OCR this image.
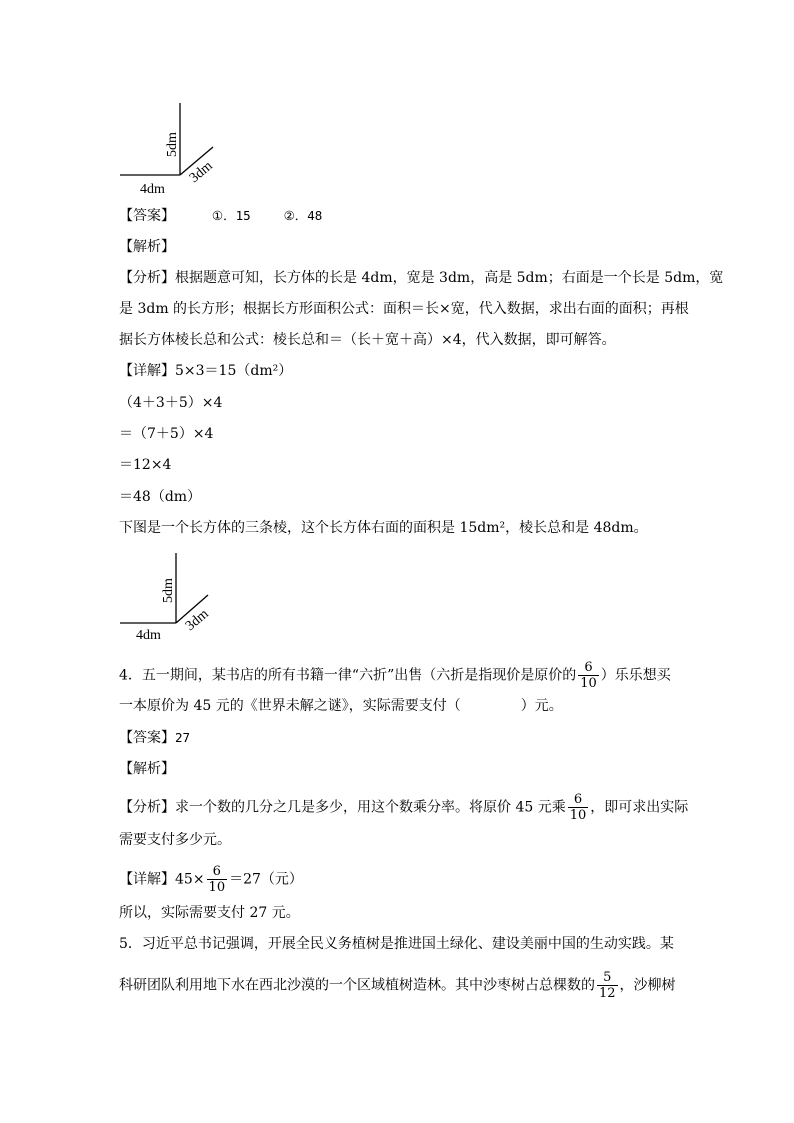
5dm
3dm
4dm
【答案】	①．15	②．48
【解析】
【分析】根据题意可知，长方体的长是 4dm，宽是 3dm，高是 5dm；右面是一个长是 5dm，宽
是 3dm 的长方形；根据长方形面积公式：面积＝长×宽，代入数据，求出右面的面积；再根
据长方体棱长总和公式：棱长总和＝（长＋宽＋高）×4，代入数据，即可解答。
【详解】5×3＝15（dm²）
（4＋3＋5）×4
＝（7＋5）×4
＝12×4
＝48（dm）
下图是一个长方体的三条棱，这个长方体右面的面积是 15dm²，棱长总和是 48dm。
5dm
3dm
4dm
4．五一期间，某书店的所有书籍一律“六折”出售（六折是指现价是原价的 $\frac{6}{10}$ ）乐乐想买
一本原价为 45 元的《世界未解之谜》，实际需要支付（	）元。
【答案】27
【解析】
【分析】求一个数的几分之几是多少，用这个数乘分率。将原价 45 元乘 $\frac{6}{10}$ ，即可求出实际
需要支付多少元。
【详解】$45\times \frac{6}{10} =27$（元）
所以，实际需要支付 27 元。
5．习近平总书记强调，开展全民义务植树是推进国土绿化、建设美丽中国的生动实践。某
科研团队利用地下水在西北沙漠的一个区域植树造林。其中沙枣树占总棵数的 $\frac{5}{12}$ ，沙柳树
